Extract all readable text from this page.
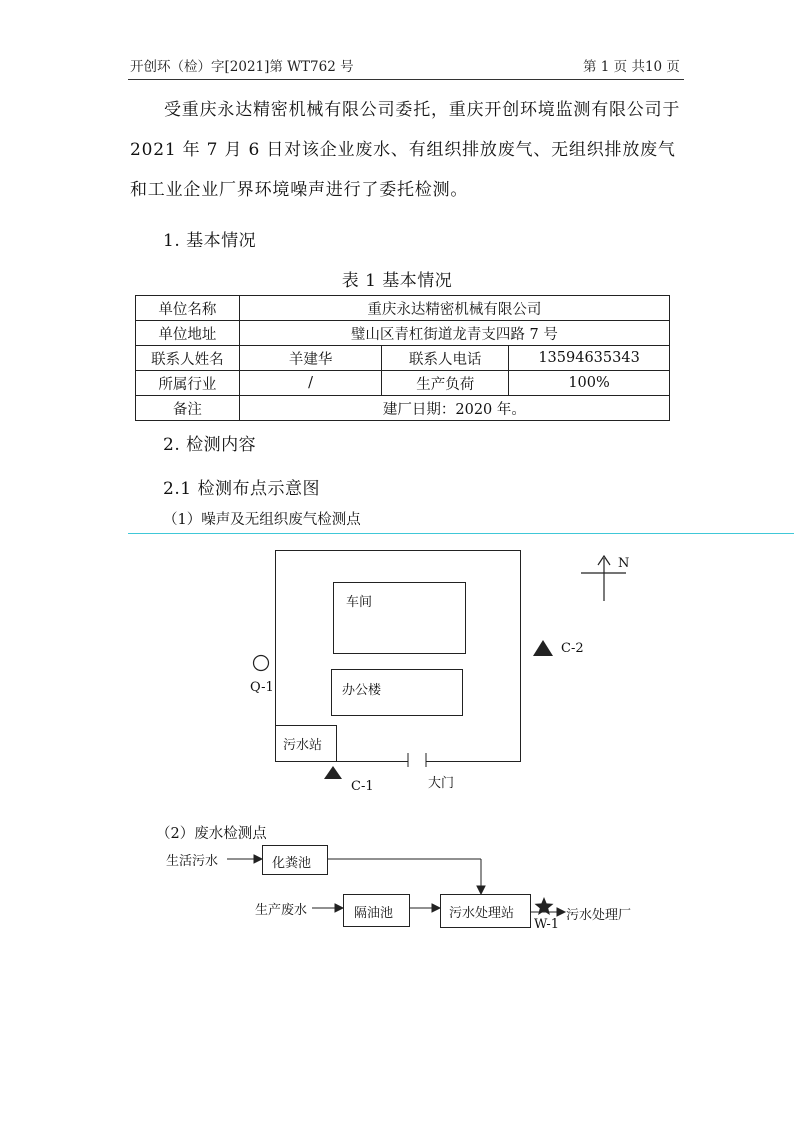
开创环（检）字[2021]第 WT762 号	第 1 页 共10 页
受重庆永达精密机械有限公司委托，重庆开创环境监测有限公司于 2021 年 7 月 6 日对该企业废水、有组织排放废气、无组织排放废气和工业企业厂界环境噪声进行了委托检测。
1. 基本情况
表 1 基本情况
单位名称	重庆永达精密机械有限公司		
单位地址	璧山区青杠街道龙青支四路 7 号		
联系人姓名	羊建华	联系人电话	13594635343
所属行业	/	生产负荷	100%
备注	建厂日期：2020 年。		
2. 检测内容
2.1 检测布点示意图
（1）噪声及无组织废气检测点
车间
办公楼
污水站
N
Q-1
C-1
C-2
大门
（2）废水检测点
生活污水	化粪池
生产废水	隔油池	污水处理站
W-1
污水处理厂
